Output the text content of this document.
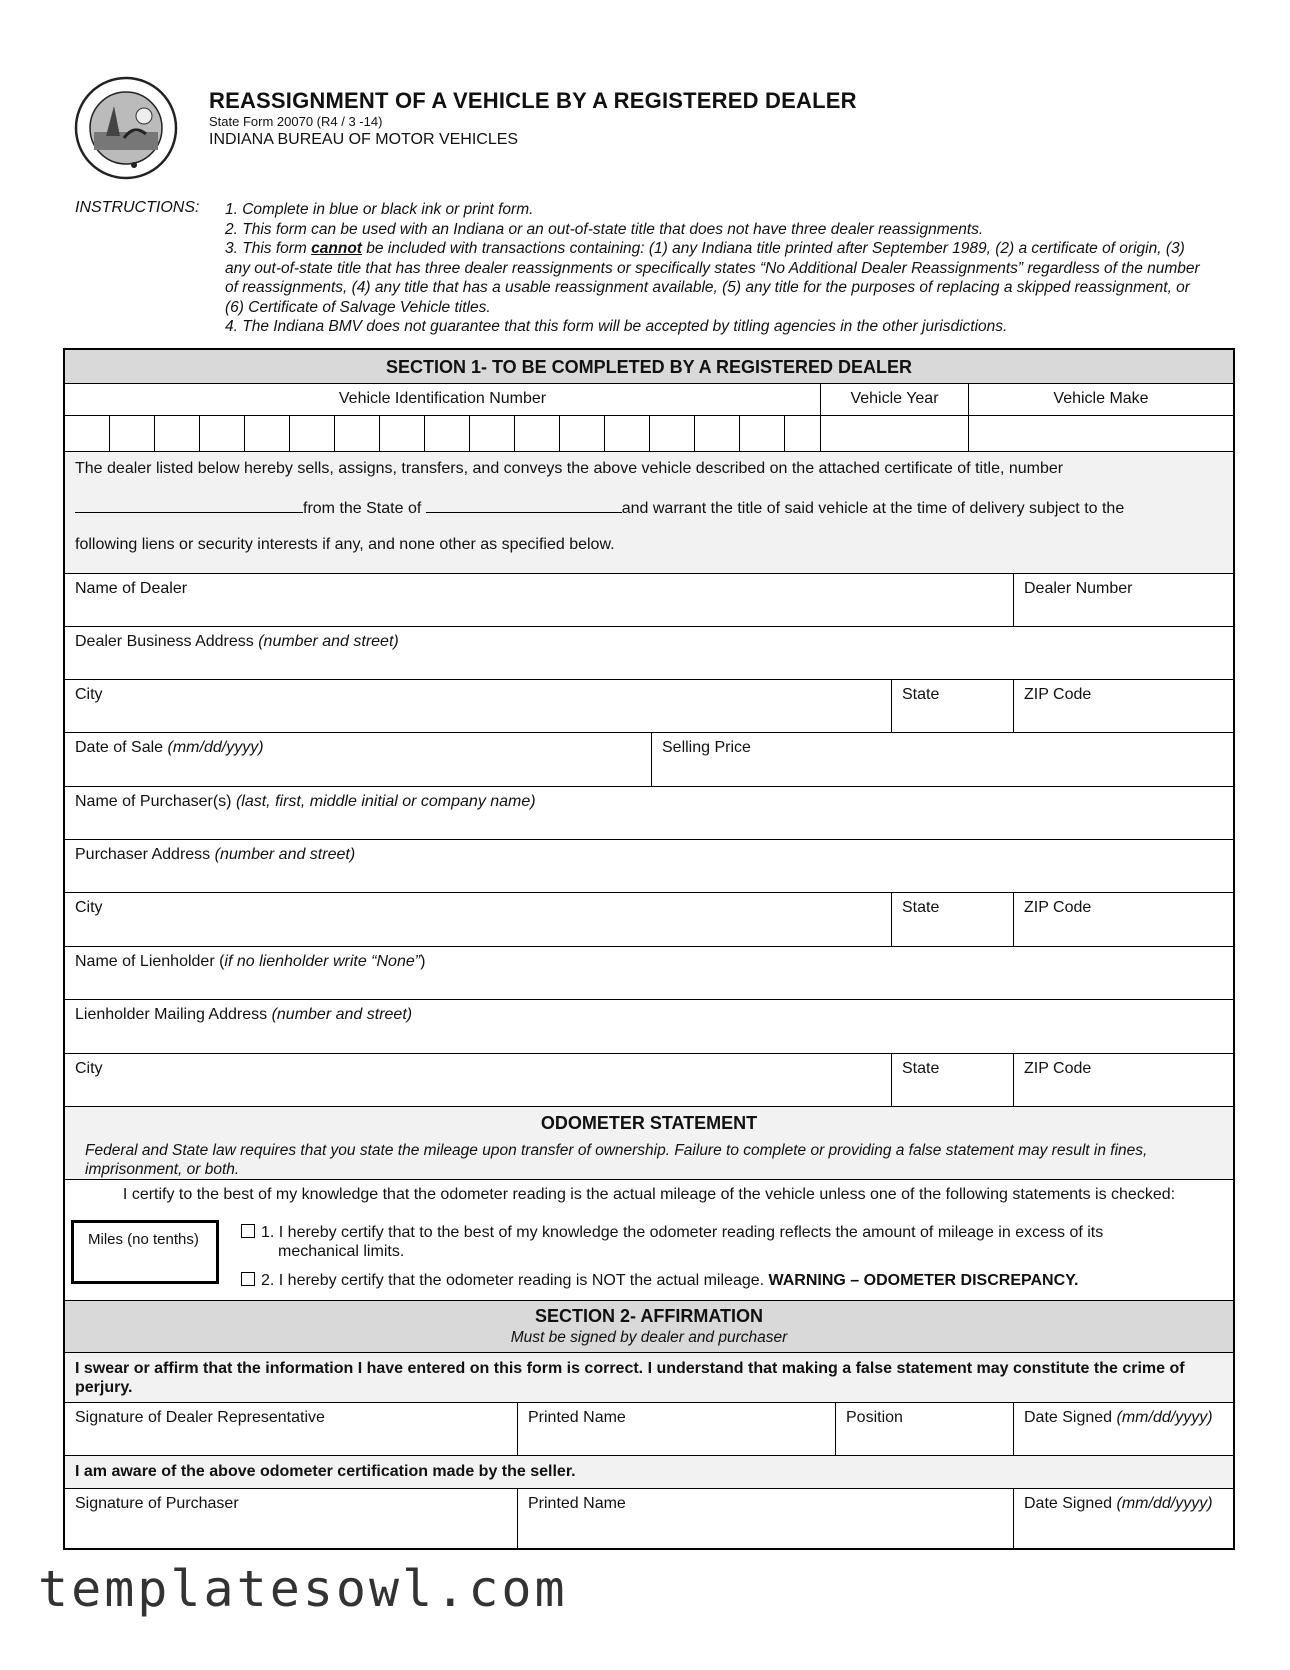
REASSIGNMENT OF A VEHICLE BY A REGISTERED DEALER
State Form 20070 (R4 / 3 -14)
INDIANA BUREAU OF MOTOR VEHICLES
INSTRUCTIONS: 1. Complete in blue or black ink or print form.
2. This form can be used with an Indiana or an out-of-state title that does not have three dealer reassignments.
3. This form cannot be included with transactions containing: (1) any Indiana title printed after September 1989, (2) a certificate of origin, (3) any out-of-state title that has three dealer reassignments or specifically states “No Additional Dealer Reassignments” regardless of the number of reassignments, (4) any title that has a usable reassignment available, (5) any title for the purposes of replacing a skipped reassignment, or (6) Certificate of Salvage Vehicle titles.
4. The Indiana BMV does not guarantee that this form will be accepted by titling agencies in the other jurisdictions.
SECTION 1- TO BE COMPLETED BY A REGISTERED DEALER
Vehicle Identification Number	Vehicle Year	Vehicle Make
The dealer listed below hereby sells, assigns, transfers, and conveys the above vehicle described on the attached certificate of title, number
from the State of	and warrant the title of said vehicle at the time of delivery subject to the
following liens or security interests if any, and none other as specified below.
Name of Dealer	Dealer Number
Dealer Business Address (number and street)
City	State	ZIP Code
Date of Sale (mm/dd/yyyy)	Selling Price
Name of Purchaser(s) (last, first, middle initial or company name)
Purchaser Address (number and street)
City	State	ZIP Code
Name of Lienholder (if no lienholder write “None”)
Lienholder Mailing Address (number and street)
City	State	ZIP Code
ODOMETER STATEMENT
Federal and State law requires that you state the mileage upon transfer of ownership. Failure to complete or providing a false statement may result in fines, imprisonment, or both.
I certify to the best of my knowledge that the odometer reading is the actual mileage of the vehicle unless one of the following statements is checked:
Miles (no tenths)	1. I hereby certify that to the best of my knowledge the odometer reading reflects the amount of mileage in excess of its
mechanical limits.
2. I hereby certify that the odometer reading is NOT the actual mileage. WARNING – ODOMETER DISCREPANCY.
SECTION 2- AFFIRMATION
Must be signed by dealer and purchaser
I swear or affirm that the information I have entered on this form is correct. I understand that making a false statement may constitute the crime of perjury.
Signature of Dealer Representative	Printed Name	Position	Date Signed (mm/dd/yyyy)
I am aware of the above odometer certification made by the seller.
Signature of Purchaser	Printed Name	Date Signed (mm/dd/yyyy)
templatesowl.com
